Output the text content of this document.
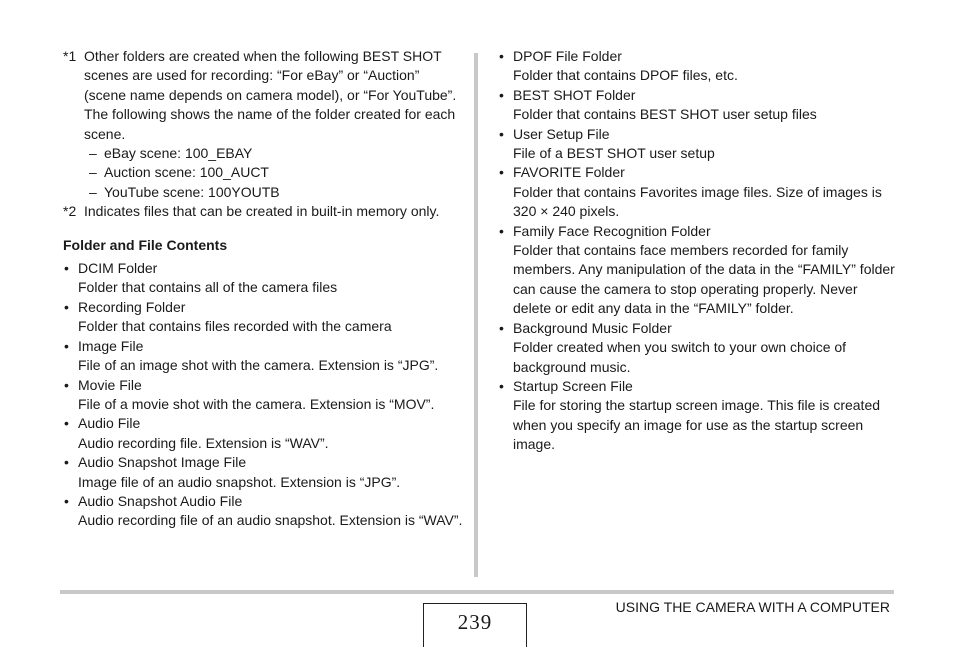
*1 Other folders are created when the following BEST SHOT scenes are used for recording: “For eBay” or “Auction” (scene name depends on camera model), or “For YouTube”. The following shows the name of the folder created for each scene.

– eBay scene: 100_EBAY

– Auction scene: 100_AUCT

– YouTube scene: 100YOUTB

*2 Indicates files that can be created in built-in memory only.

Folder and File Contents
• DCIM Folder
Folder that contains all of the camera files
• Recording Folder
Folder that contains files recorded with the camera
• Image File
File of an image shot with the camera. Extension is “JPG”.
• Movie File
File of a movie shot with the camera. Extension is “MOV”.
• Audio File
Audio recording file. Extension is “WAV”.
• Audio Snapshot Image File
Image file of an audio snapshot. Extension is “JPG”.
• Audio Snapshot Audio File
Audio recording file of an audio snapshot. Extension is “WAV”.
• DPOF File Folder
Folder that contains DPOF files, etc.
• BEST SHOT Folder
Folder that contains BEST SHOT user setup files
• User Setup File
File of a BEST SHOT user setup
• FAVORITE Folder
Folder that contains Favorites image files. Size of images is 320 × 240 pixels.
• Family Face Recognition Folder
Folder that contains face members recorded for family members. Any manipulation of the data in the “FAMILY” folder can cause the camera to stop operating properly. Never delete or edit any data in the “FAMILY” folder.
• Background Music Folder
Folder created when you switch to your own choice of background music.
• Startup Screen File
File for storing the startup screen image. This file is created when you specify an image for use as the startup screen image.
239
USING THE CAMERA WITH A COMPUTER
